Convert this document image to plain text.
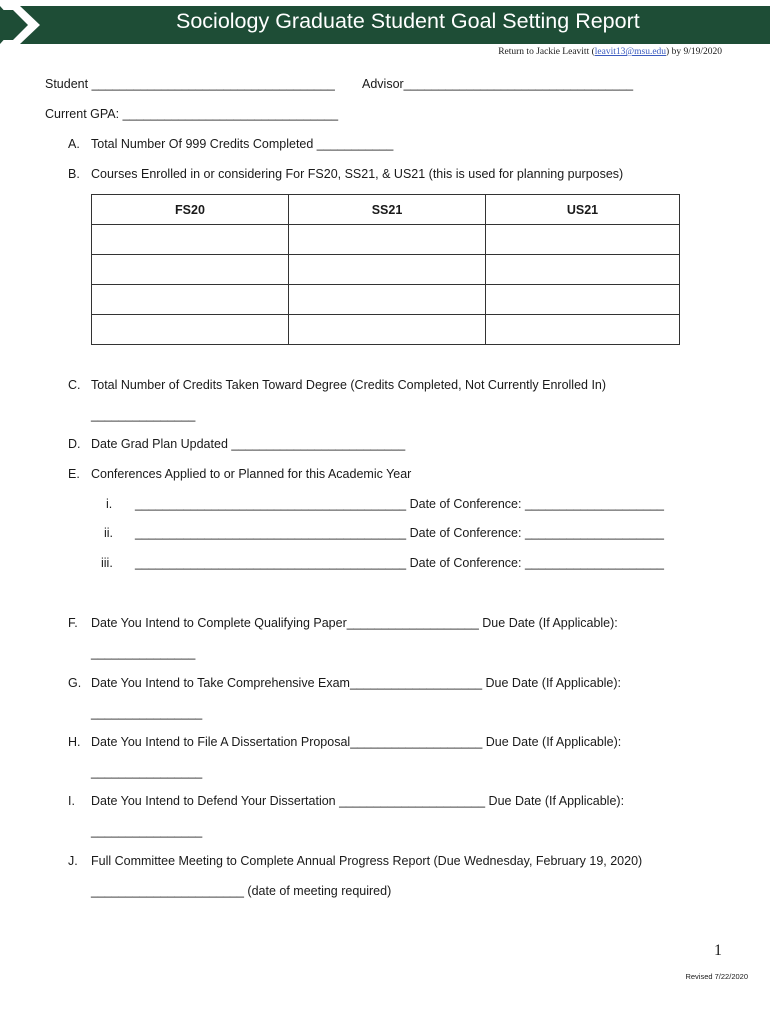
Sociology Graduate Student Goal Setting Report
Return to Jackie Leavitt (leavit13@msu.edu) by 9/19/2020
Student ___________________________________ Advisor_________________________________
Current GPA: _______________________________
A. Total Number Of 999 Credits Completed ___________
B. Courses Enrolled in or considering For FS20, SS21, & US21 (this is used for planning purposes)
FS20	SS21	US21

C. Total Number of Credits Taken Toward Degree (Credits Completed, Not Currently Enrolled In)
_______________
D. Date Grad Plan Updated _________________________
E. Conferences Applied to or Planned for this Academic Year
i. _______________________________________ Date of Conference: ____________________
ii. _______________________________________ Date of Conference: ____________________
iii. _______________________________________ Date of Conference: ____________________
F. Date You Intend to Complete Qualifying Paper___________________ Due Date (If Applicable):
_______________
G. Date You Intend to Take Comprehensive Exam___________________ Due Date (If Applicable):
________________
H. Date You Intend to File A Dissertation Proposal___________________ Due Date (If Applicable):
________________
I. Date You Intend to Defend Your Dissertation _____________________ Due Date (If Applicable):
________________
J. Full Committee Meeting to Complete Annual Progress Report (Due Wednesday, February 19, 2020)
______________________ (date of meeting required)
1
Revised 7/22/2020
